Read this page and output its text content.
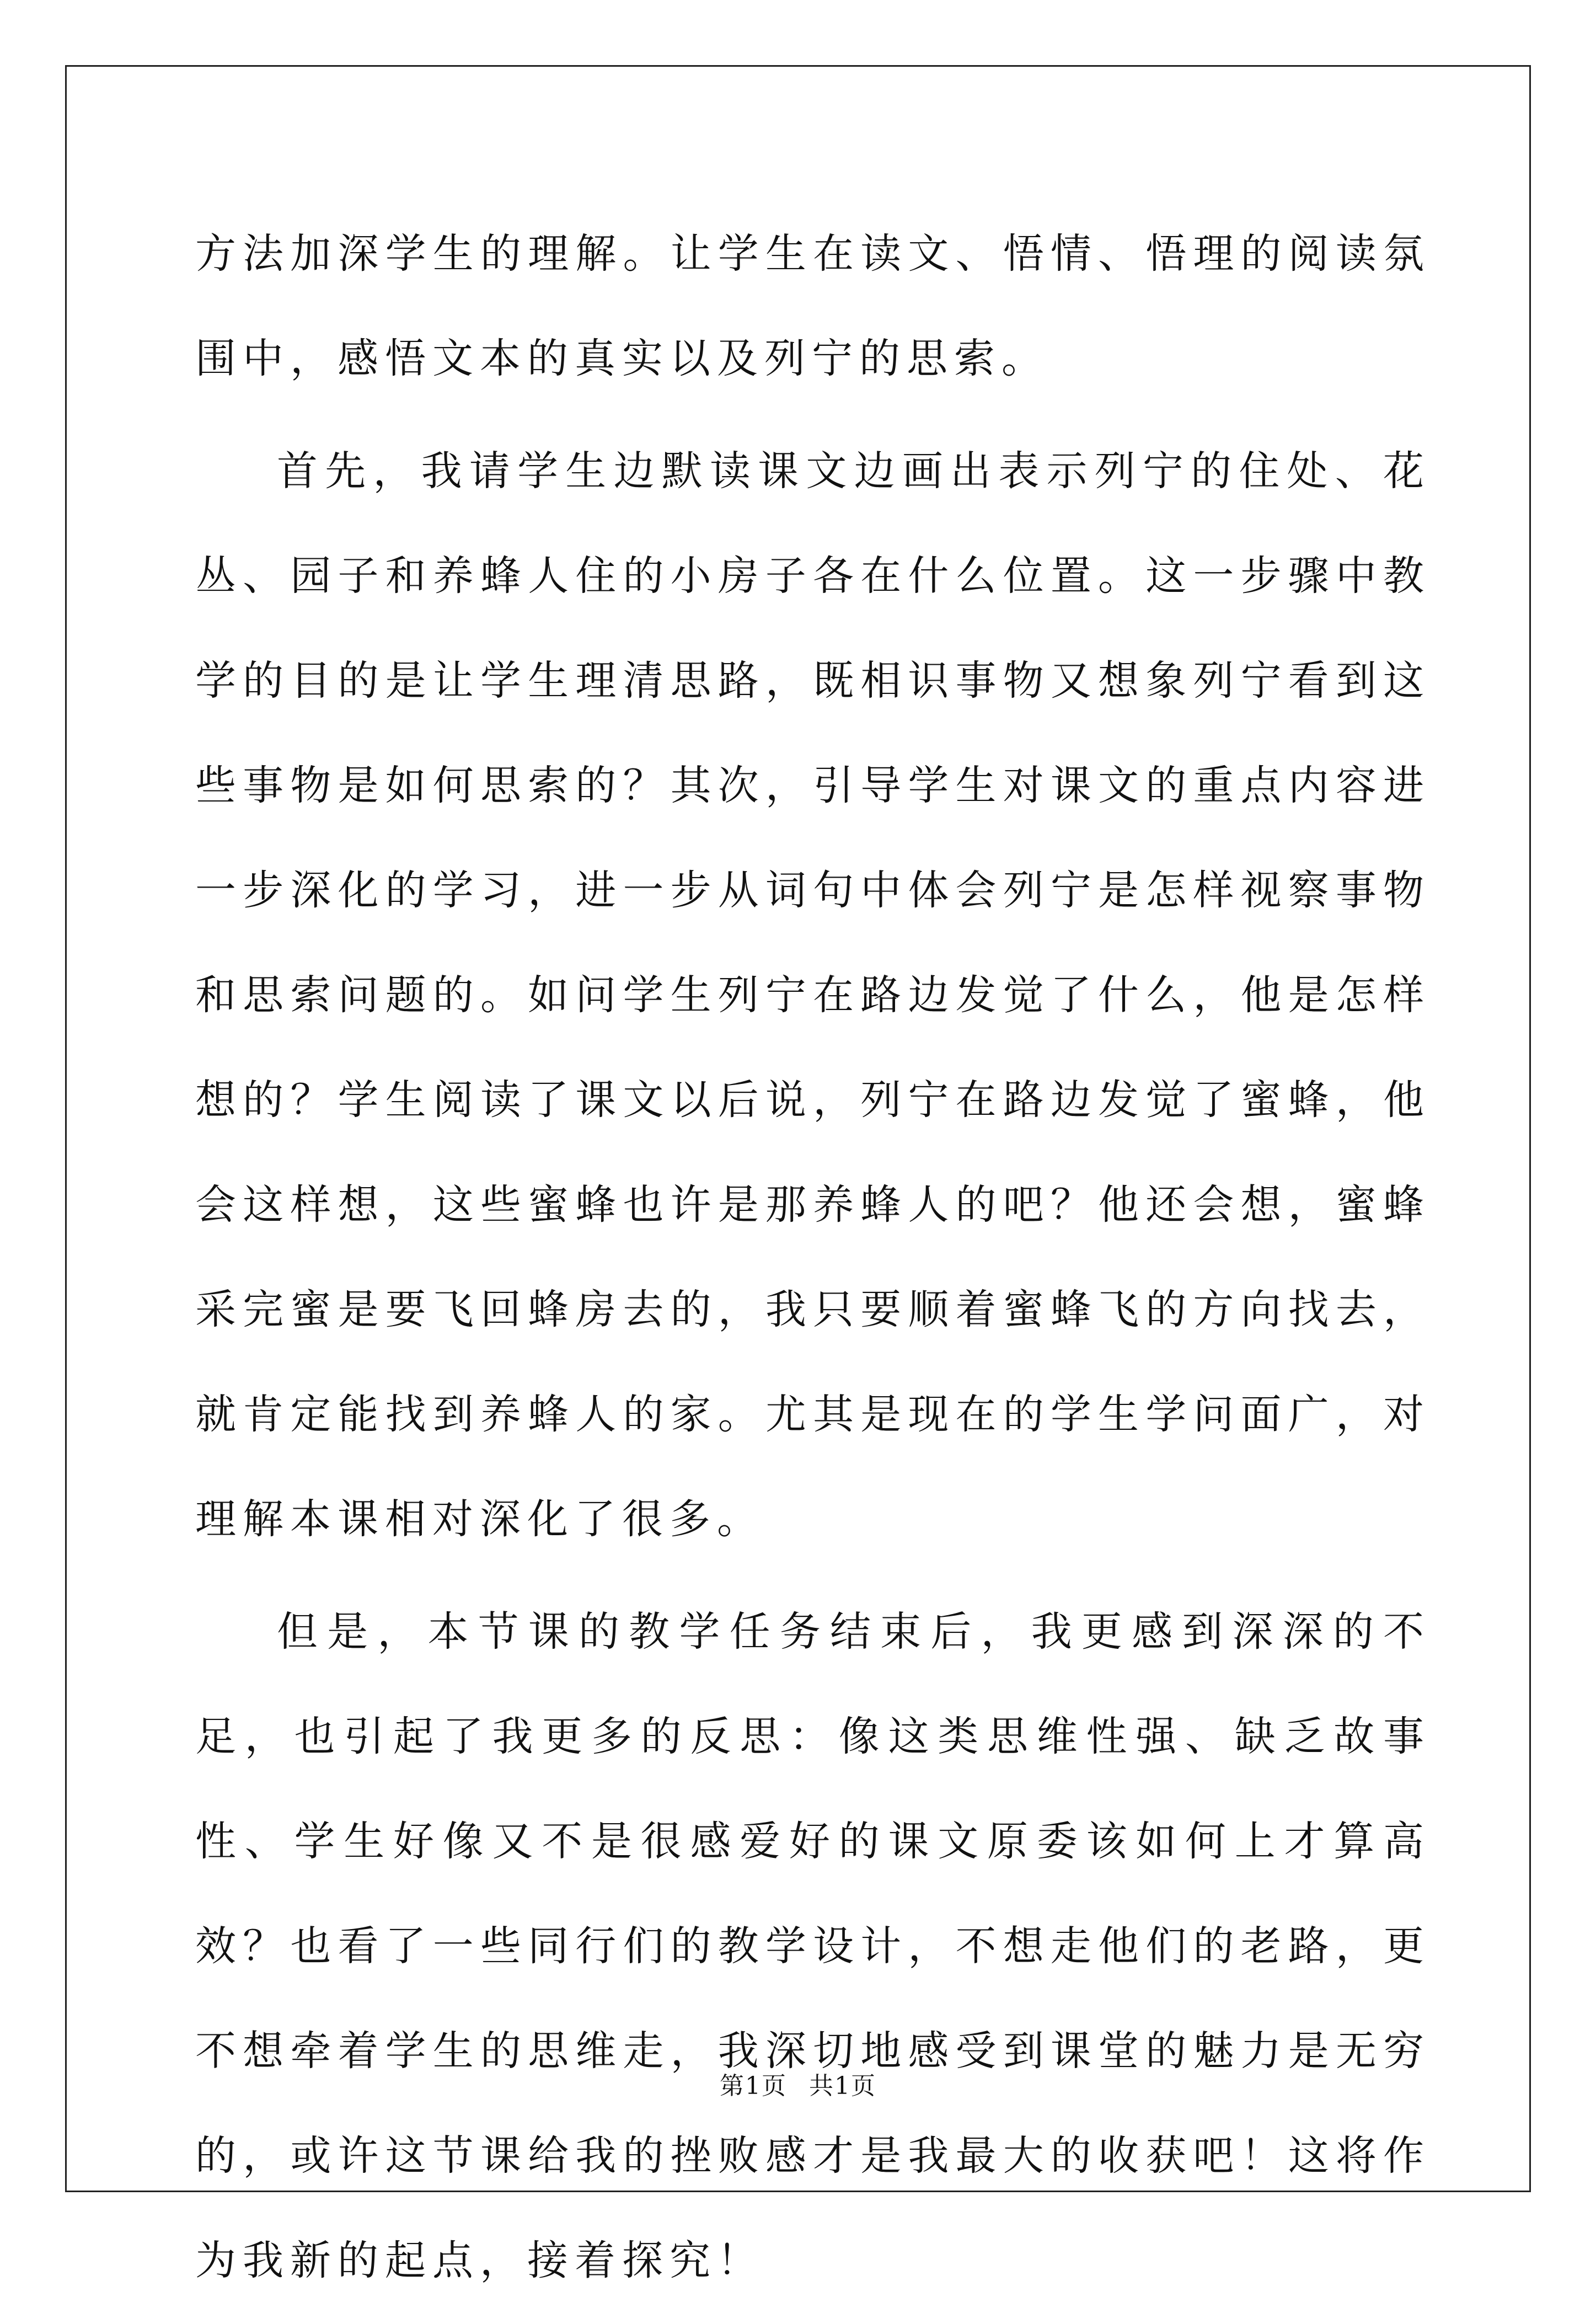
方法加深学生的理解。让学生在读文、悟情、悟理的阅读氛围中，感悟文本的真实以及列宁的思索。

首先，我请学生边默读课文边画出表示列宁的住处、花丛、园子和养蜂人住的小房子各在什么位置。这一步骤中教学的目的是让学生理清思路，既相识事物又想象列宁看到这些事物是如何思索的？其次，引导学生对课文的重点内容进一步深化的学习，进一步从词句中体会列宁是怎样视察事物和思索问题的。如问学生列宁在路边发觉了什么，他是怎样想的？学生阅读了课文以后说，列宁在路边发觉了蜜蜂，他会这样想，这些蜜蜂也许是那养蜂人的吧？他还会想，蜜蜂采完蜜是要飞回蜂房去的，我只要顺着蜜蜂飞的方向找去，就肯定能找到养蜂人的家。尤其是现在的学生学问面广，对理解本课相对深化了很多。

但是，本节课的教学任务结束后，我更感到深深的不足，也引起了我更多的反思：像这类思维性强、缺乏故事性、学生好像又不是很感爱好的课文原委该如何上才算高效？也看了一些同行们的教学设计，不想走他们的老路，更不想牵着学生的思维走，我深切地感受到课堂的魅力是无穷的，或许这节课给我的挫败感才是我最大的收获吧！这将作为我新的起点，接着探究！

第1页 共1页
